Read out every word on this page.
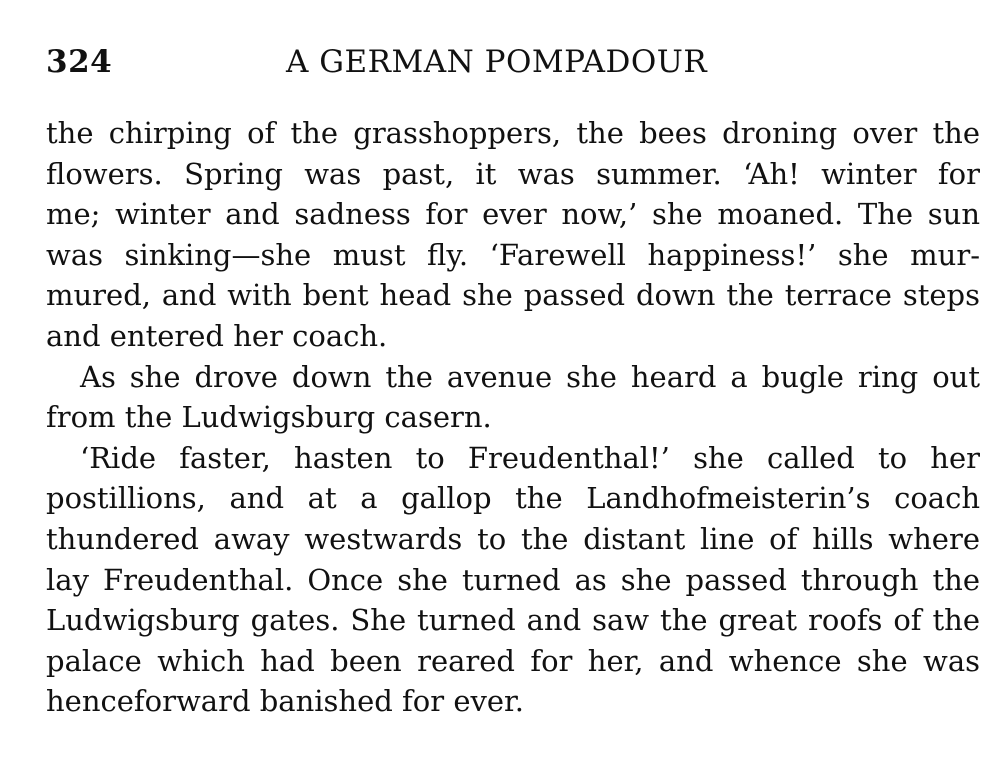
324	A GERMAN POMPADOUR
the chirping of the grasshoppers, the bees droning over the
flowers. Spring was past, it was summer. ‘Ah! winter for
me; winter and sadness for ever now,’ she moaned. The sun
was sinking—she must fly. ‘Farewell happiness!’ she mur-
mured, and with bent head she passed down the terrace steps
and entered her coach.
As she drove down the avenue she heard a bugle ring out
from the Ludwigsburg casern.
‘Ride faster, hasten to Freudenthal!’ she called to her
postillions, and at a gallop the Landhofmeisterin’s coach
thundered away westwards to the distant line of hills where
lay Freudenthal. Once she turned as she passed through the
Ludwigsburg gates. She turned and saw the great roofs of the
palace which had been reared for her, and whence she was
henceforward banished for ever.
